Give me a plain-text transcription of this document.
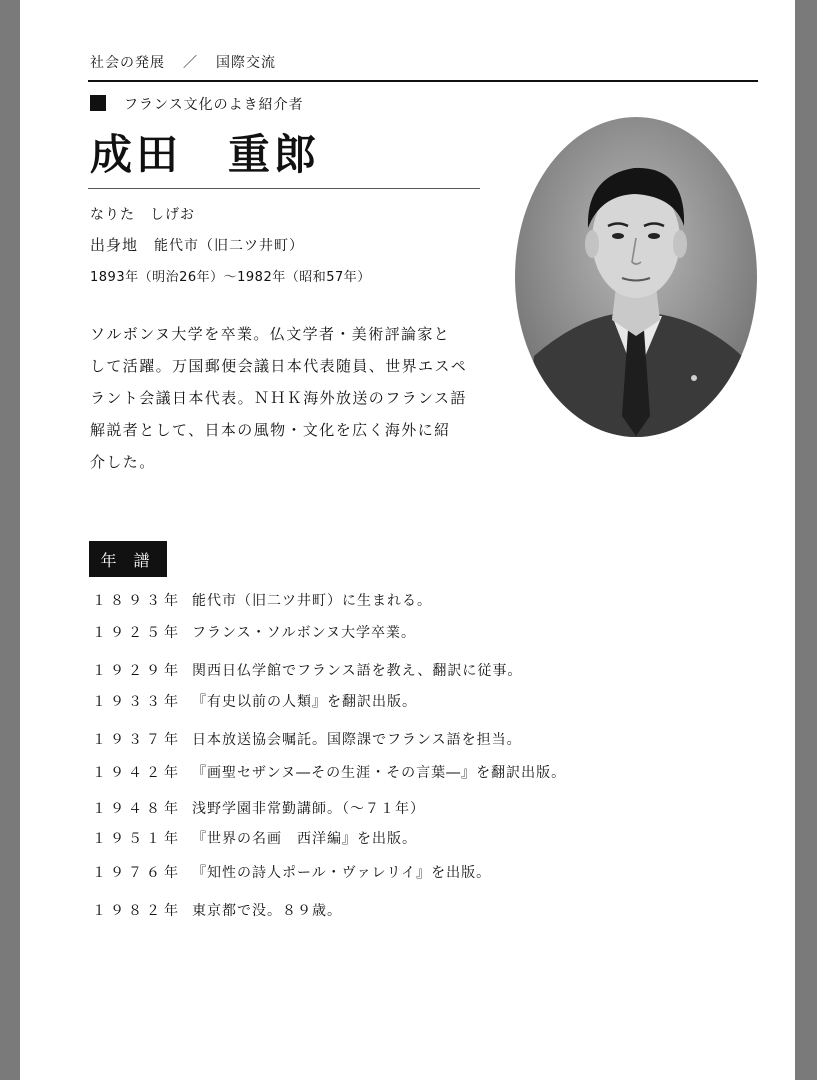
社会の発展 ／ 国際交流
フランス文化のよき紹介者
成田　重郎
なりた　しげお
出身地 能代市（旧二ツ井町）
1893年（明治26年）〜1982年（昭和57年）
ソルボンヌ大学を卒業。仏文学者・美術評論家と
して活躍。万国郵便会議日本代表随員、世界エスペ
ラント会議日本代表。ＮＨＫ海外放送のフランス語
解説者として、日本の風物・文化を広く海外に紹
介した。
年 譜
１８９３年 能代市（旧二ツ井町）に生まれる。
１９２５年 フランス・ソルボンヌ大学卒業。
１９２９年 関西日仏学館でフランス語を教え、翻訳に従事。
１９３３年 『有史以前の人類』を翻訳出版。
１９３７年 日本放送協会嘱託。国際課でフランス語を担当。
１９４２年 『画聖セザンヌ―その生涯・その言葉―』を翻訳出版。
１９４８年 浅野学園非常勤講師。（〜７１年）
１９５１年 『世界の名画　西洋編』を出版。
１９７６年 『知性の詩人ポール・ヴァレリイ』を出版。
１９８２年 東京都で没。８９歳。
